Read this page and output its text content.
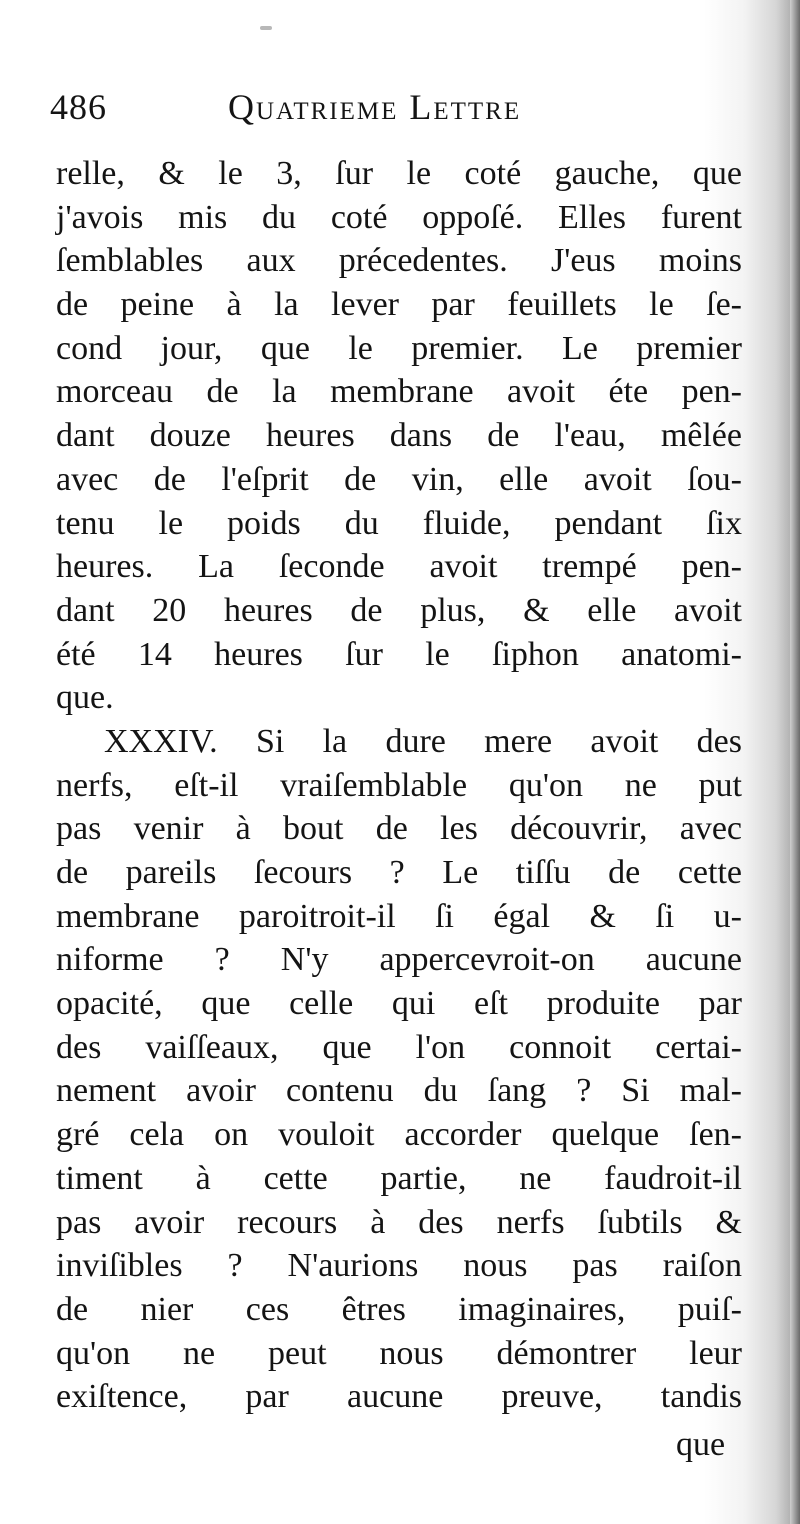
486	Quatrieme Lettre
relle, & le 3, ſur le coté gauche, que
j'avois mis du coté oppoſé. Elles furent
ſemblables aux précedentes. J'eus moins
de peine à la lever par feuillets le ſe-
cond jour, que le premier. Le premier
morceau de la membrane avoit éte pen-
dant douze heures dans de l'eau, mêlée
avec de l'eſprit de vin, elle avoit ſou-
tenu le poids du fluide, pendant ſix
heures. La ſeconde avoit trempé pen-
dant 20 heures de plus, & elle avoit
été 14 heures ſur le ſiphon anatomi-
que.
XXXIV. Si la dure mere avoit des
nerfs, eſt-il vraiſemblable qu'on ne put
pas venir à bout de les découvrir, avec
de pareils ſecours ? Le tiſſu de cette
membrane paroitroit-il ſi égal & ſi u-
niforme ? N'y appercevroit-on aucune
opacité, que celle qui eſt produite par
des vaiſſeaux, que l'on connoit certai-
nement avoir contenu du ſang ? Si mal-
gré cela on vouloit accorder quelque ſen-
timent à cette partie, ne faudroit-il
pas avoir recours à des nerfs ſubtils &
inviſibles ? N'aurions nous pas raiſon
de nier ces êtres imaginaires, puiſ-
qu'on ne peut nous démontrer leur
exiſtence, par aucune preuve, tandis
que
